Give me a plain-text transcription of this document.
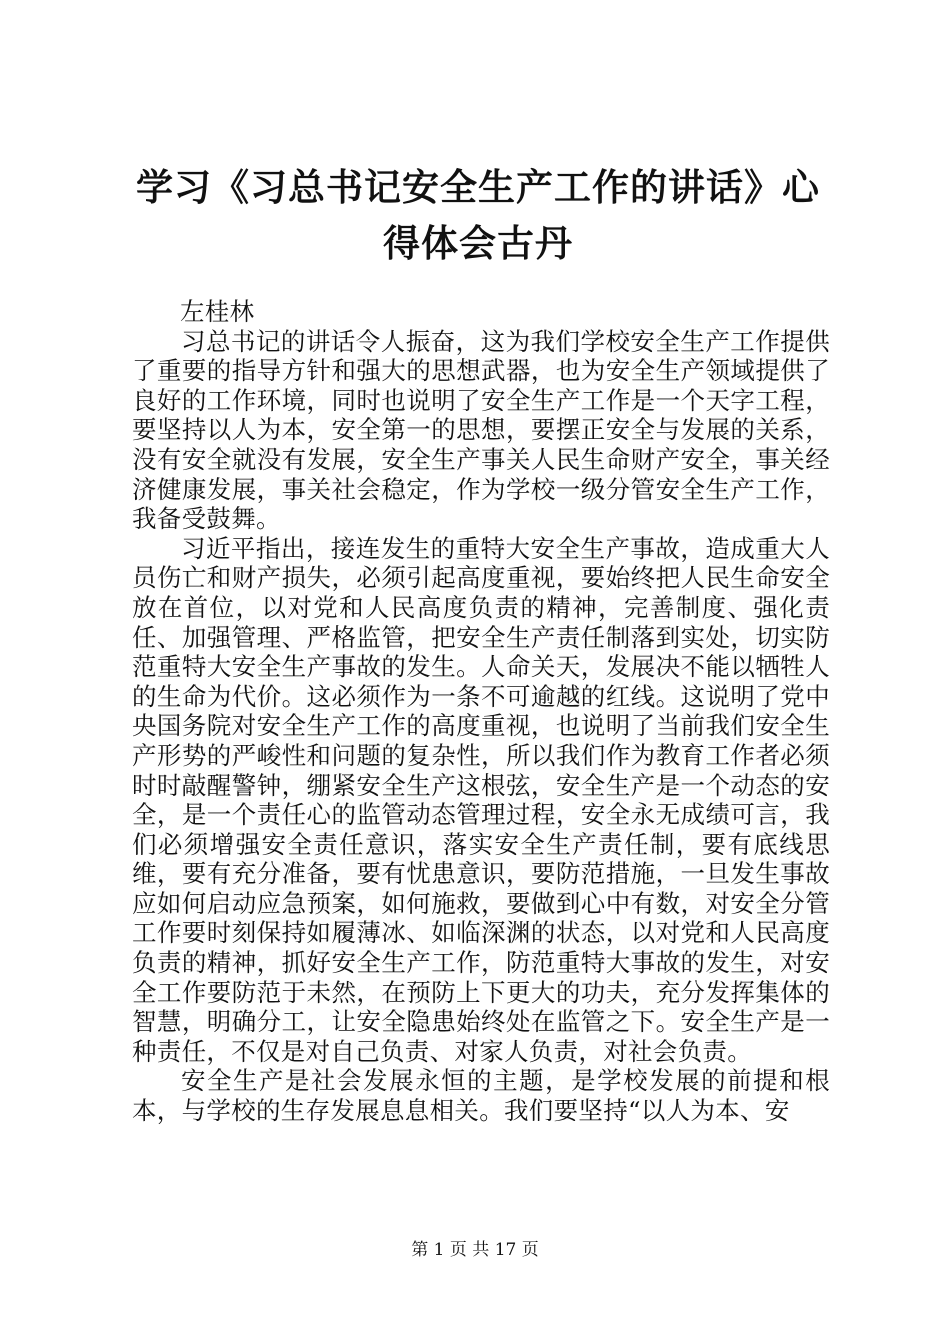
学习《习总书记安全生产工作的讲话》心得体会古丹

左桂林

习总书记的讲话令人振奋，这为我们学校安全生产工作提供了重要的指导方针和强大的思想武器，也为安全生产领域提供了良好的工作环境，同时也说明了安全生产工作是一个天字工程，要坚持以人为本，安全第一的思想，要摆正安全与发展的关系，没有安全就没有发展，安全生产事关人民生命财产安全，事关经济健康发展，事关社会稳定，作为学校一级分管安全生产工作，我备受鼓舞。

习近平指出，接连发生的重特大安全生产事故，造成重大人员伤亡和财产损失，必须引起高度重视，要始终把人民生命安全放在首位，以对党和人民高度负责的精神，完善制度、强化责任、加强管理、严格监管，把安全生产责任制落到实处，切实防范重特大安全生产事故的发生。人命关天，发展决不能以牺牲人的生命为代价。这必须作为一条不可逾越的红线。这说明了党中央国务院对安全生产工作的高度重视，也说明了当前我们安全生产形势的严峻性和问题的复杂性，所以我们作为教育工作者必须时时敲醒警钟，绷紧安全生产这根弦，安全生产是一个动态的安全，是一个责任心的监管动态管理过程，安全永无成绩可言，我们必须增强安全责任意识，落实安全生产责任制，要有底线思维，要有充分准备，要有忧患意识，要防范措施，一旦发生事故应如何启动应急预案，如何施救，要做到心中有数，对安全分管工作要时刻保持如履薄冰、如临深渊的状态，以对党和人民高度负责的精神，抓好安全生产工作，防范重特大事故的发生，对安全工作要防范于未然，在预防上下更大的功夫，充分发挥集体的智慧，明确分工，让安全隐患始终处在监管之下。安全生产是一种责任，不仅是对自己负责、对家人负责，对社会负责。

安全生产是社会发展永恒的主题，是学校发展的前提和根本，与学校的生存发展息息相关。我们要坚持“以人为本、安

第 1 页 共 17 页
